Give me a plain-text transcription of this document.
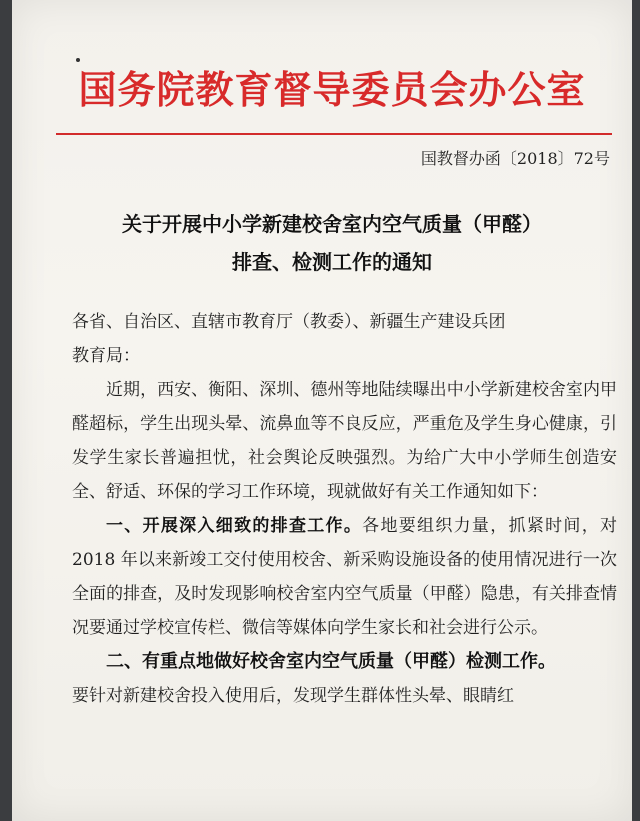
国务院教育督导委员会办公室
国教督办函〔2018〕72号
关于开展中小学新建校舍室内空气质量（甲醛）
排查、检测工作的通知

各省、自治区、直辖市教育厅（教委）、新疆生产建设兵团

教育局：

近期，西安、衡阳、深圳、德州等地陆续曝出中小学新建校舍室内甲醛超标，学生出现头晕、流鼻血等不良反应，严重危及学生身心健康，引发学生家长普遍担忧，社会舆论反映强烈。为给广大中小学师生创造安全、舒适、环保的学习工作环境，现就做好有关工作通知如下：

一、开展深入细致的排查工作。各地要组织力量，抓紧时间，对 2018 年以来新竣工交付使用校舍、新采购设施设备的使用情况进行一次全面的排查，及时发现影响校舍室内空气质量（甲醛）隐患，有关排查情况要通过学校宣传栏、微信等媒体向学生家长和社会进行公示。

二、有重点地做好校舍室内空气质量（甲醛）检测工作。

要针对新建校舍投入使用后，发现学生群体性头晕、眼睛红
